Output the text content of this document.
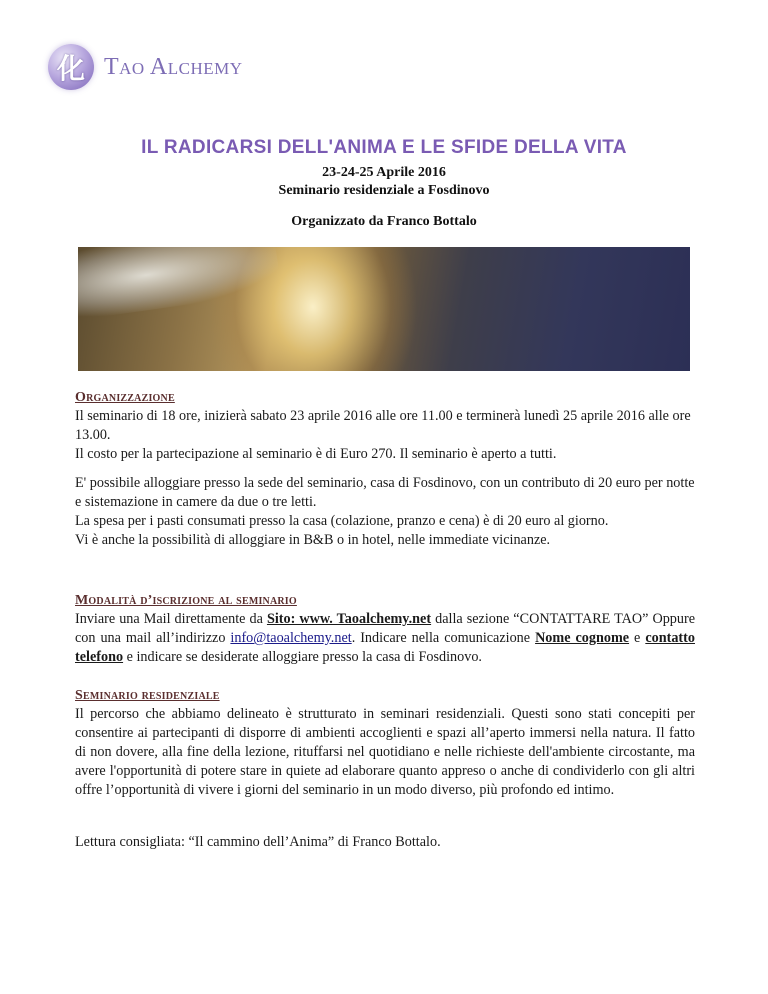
化 Tao Alchemy
IL RADICARSI DELL'ANIMA E LE SFIDE DELLA VITA
23-24-25 Aprile 2016
Seminario residenziale a Fosdinovo
Organizzato da Franco Bottalo
Organizzazione

Il seminario di 18 ore, inizierà sabato 23 aprile 2016 alle ore 11.00 e terminerà lunedì 25 aprile 2016 alle ore 13.00.

Il costo per la partecipazione al seminario è di Euro 270. Il seminario è aperto a tutti.

E' possibile alloggiare presso la sede del seminario, casa di Fosdinovo, con un contributo di 20 euro per notte e sistemazione in camere da due o tre letti.

La spesa per i pasti consumati presso la casa (colazione, pranzo e cena) è di 20 euro al giorno.

Vi è anche la possibilità di alloggiare in B&B o in hotel, nelle immediate vicinanze.

Modalità d’iscrizione al seminario

Inviare una Mail direttamente da Sito: www. Taoalchemy.net dalla sezione “CONTATTARE TAO” Oppure con una mail all’indirizzo info@taoalchemy.net. Indicare nella comunicazione Nome cognome e contatto telefono e indicare se desiderate alloggiare presso la casa di Fosdinovo.

Seminario residenziale

Il percorso che abbiamo delineato è strutturato in seminari residenziali. Questi sono stati concepiti per consentire ai partecipanti di disporre di ambienti accoglienti e spazi all’aperto immersi nella natura. Il fatto di non dovere, alla fine della lezione, rituffarsi nel quotidiano e nelle richieste dell'ambiente circostante, ma avere l'opportunità di potere stare in quiete ad elaborare quanto appreso o anche di condividerlo con gli altri offre l’opportunità di vivere i giorni del seminario in un modo diverso, più profondo ed intimo.

Lettura consigliata: “Il cammino dell’Anima” di Franco Bottalo.
